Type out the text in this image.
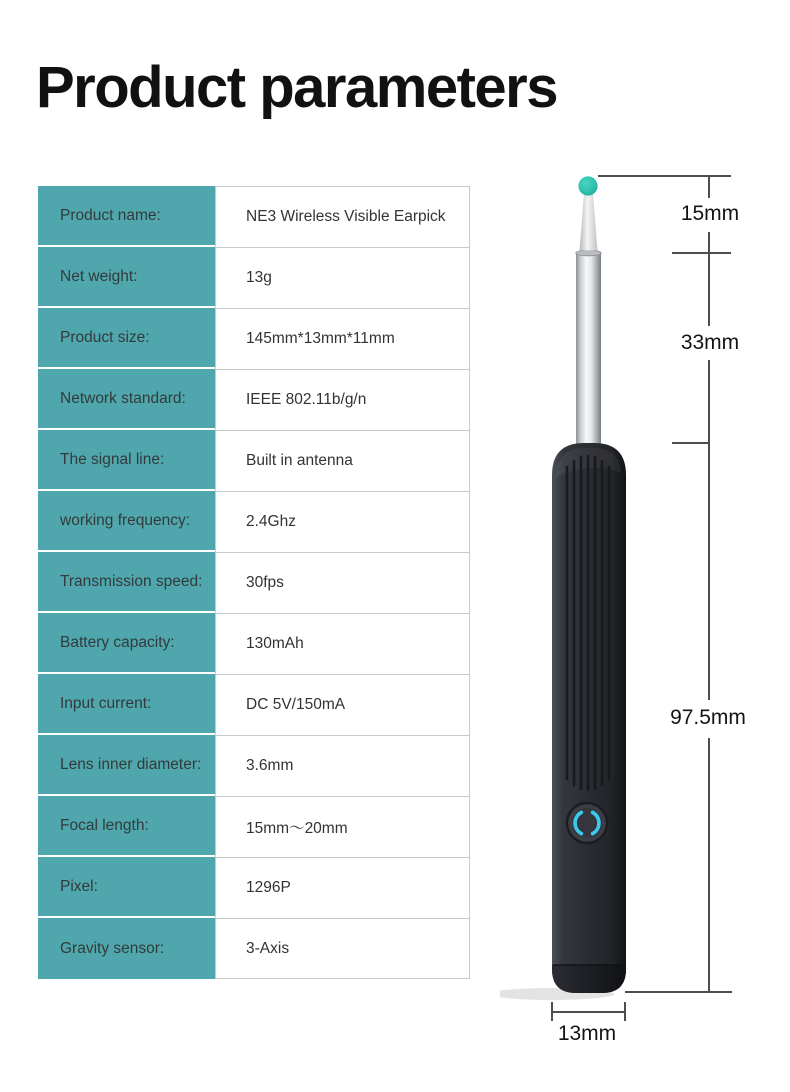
Product parameters
Product name:	NE3 Wireless Visible Earpick
Net weight:	13g
Product size:	145mm*13mm*11mm
Network standard:	IEEE 802.11b/g/n
The signal line:	Built in antenna
working frequency:	2.4Ghz
Transmission speed:	30fps
Battery capacity:	130mAh
Input current:	DC 5V/150mA
Lens inner diameter:	3.6mm
Focal length:	15mm～20mm
Pixel:	1296P
Gravity sensor:	3-Axis
15mm
33mm
97.5mm
13mm
